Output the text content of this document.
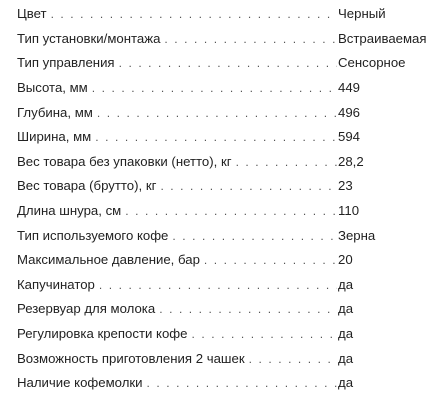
Цвет . . .	Черный
Тип установки/монтажа . . .	Встраиваемая
Тип управления . . .	Сенсорное
Высота, мм . . .	449
Глубина, мм . . .	496
Ширина, мм . . .	594
Вес товара без упаковки (нетто), кг . . .	28,2
Вес товара (брутто), кг . . .	23
Длина шнура, см . . .	110
Тип используемого кофе . . .	Зерна
Максимальное давление, бар . . .	20
Капучинатор . . .	да
Резервуар для молока . . .	да
Регулировка крепости кофе . . .	да
Возможность приготовления 2 чашек . . .	да
Наличие кофемолки . . .	да
